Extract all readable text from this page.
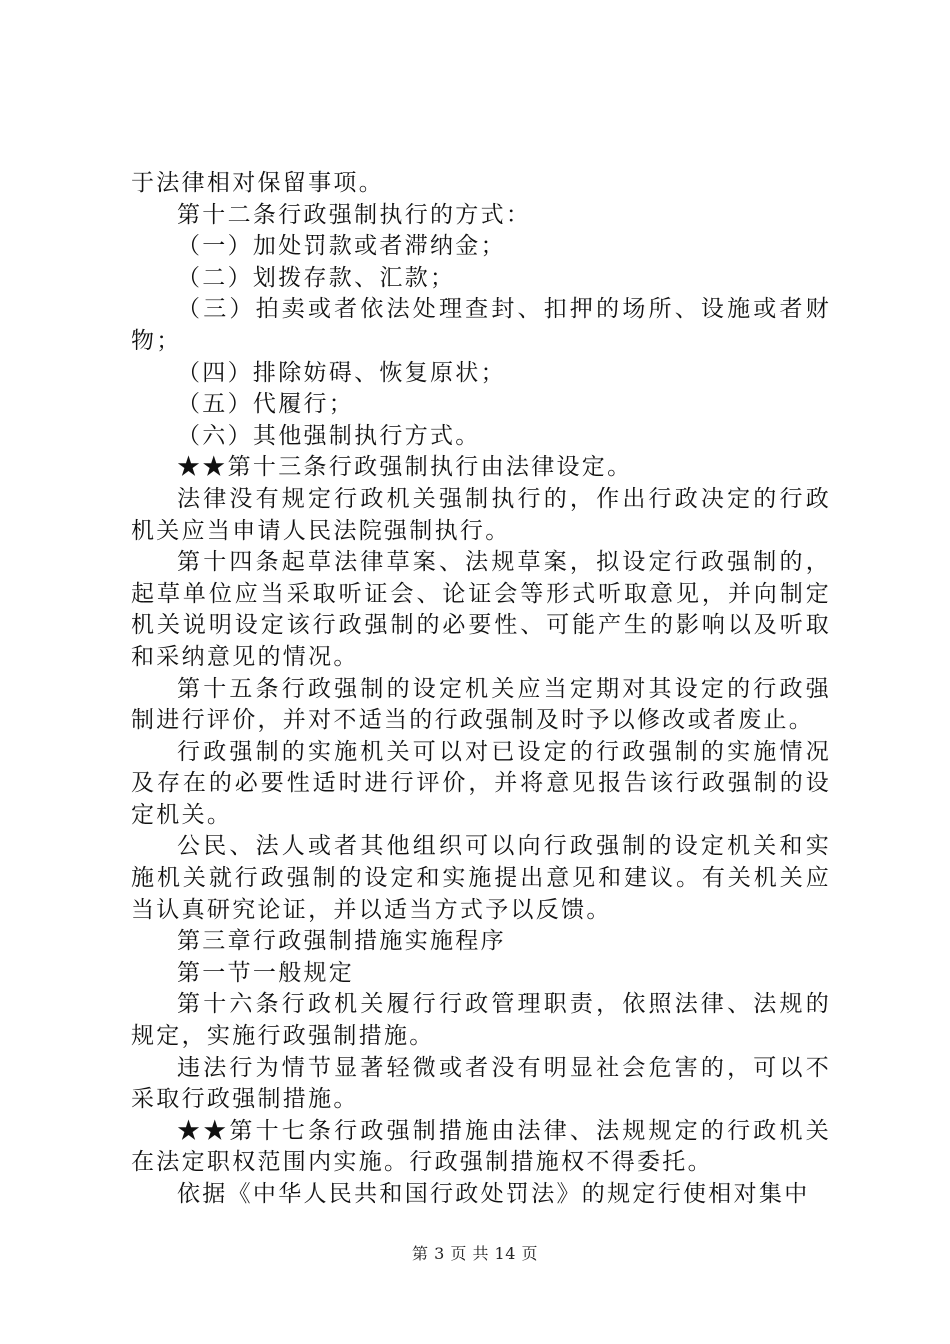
于法律相对保留事项。

第十二条行政强制执行的方式：

（一）加处罚款或者滞纳金；

（二）划拨存款、汇款；

（三）拍卖或者依法处理查封、扣押的场所、设施或者财物；

（四）排除妨碍、恢复原状；

（五）代履行；

（六）其他强制执行方式。

★★第十三条行政强制执行由法律设定。

法律没有规定行政机关强制执行的，作出行政决定的行政机关应当申请人民法院强制执行。

第十四条起草法律草案、法规草案，拟设定行政强制的，起草单位应当采取听证会、论证会等形式听取意见，并向制定机关说明设定该行政强制的必要性、可能产生的影响以及听取和采纳意见的情况。

第十五条行政强制的设定机关应当定期对其设定的行政强制进行评价，并对不适当的行政强制及时予以修改或者废止。

行政强制的实施机关可以对已设定的行政强制的实施情况及存在的必要性适时进行评价，并将意见报告该行政强制的设定机关。

公民、法人或者其他组织可以向行政强制的设定机关和实施机关就行政强制的设定和实施提出意见和建议。有关机关应当认真研究论证，并以适当方式予以反馈。

第三章行政强制措施实施程序

第一节一般规定

第十六条行政机关履行行政管理职责，依照法律、法规的规定，实施行政强制措施。

违法行为情节显著轻微或者没有明显社会危害的，可以不采取行政强制措施。

★★第十七条行政强制措施由法律、法规规定的行政机关在法定职权范围内实施。行政强制措施权不得委托。

依据《中华人民共和国行政处罚法》的规定行使相对集中

第 3 页 共 14 页
